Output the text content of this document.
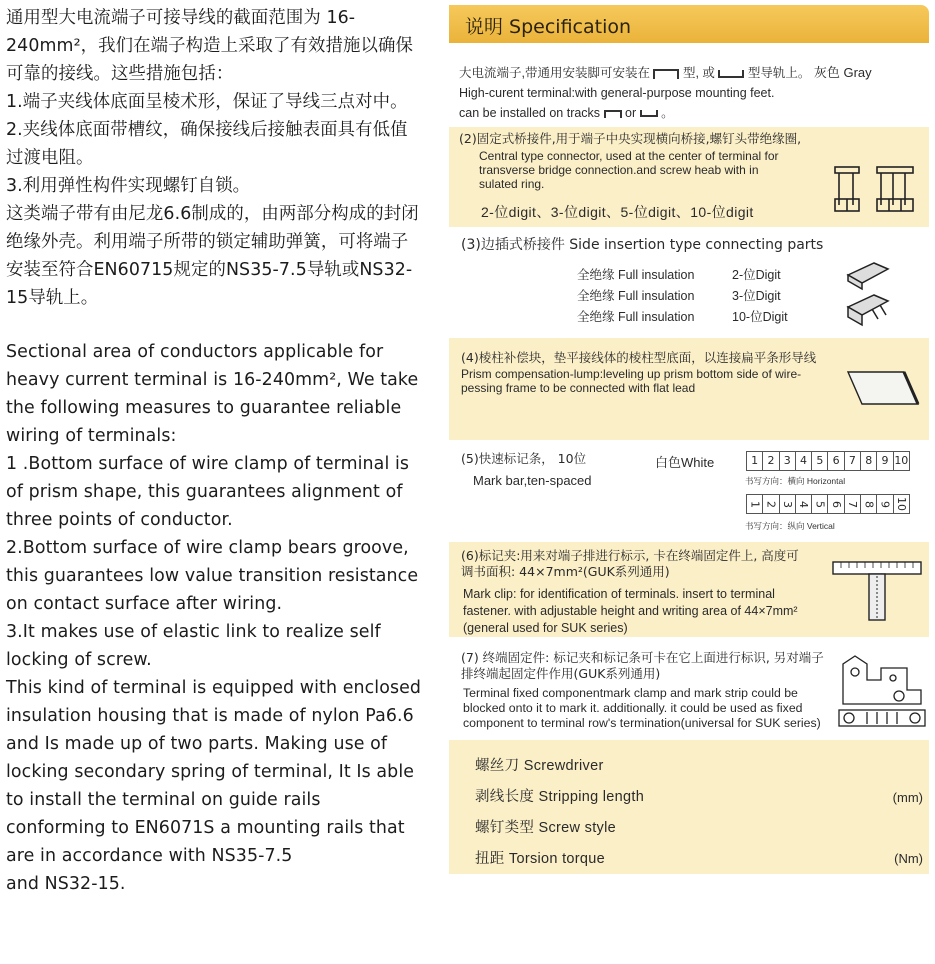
通用型大电流端子可接导线的截面范围为 16-240mm²，我们在端子构造上采取了有效措施以确保可靠的接线。这些措施包括：
1.端子夹线体底面呈棱术形，保证了导线三点对中。
2.夹线体底面带槽纹，确保接线后接触表面具有低值过渡电阻。
3.利用弹性构件实现螺钉自锁。
这类端子带有由尼龙6.6制成的，由两部分构成的封闭绝缘外壳。利用端子所带的锁定辅助弹簧，可将端子安装至符合EN60715规定的NS35-7.5导轨或NS32-15导轨上。
Sectional area of conductors applicable for heavy current terminal is 16-240mm², We take the following measures to guarantee reliable wiring of terminals:
1 .Bottom surface of wire clamp of terminal is of prism shape, this guarantees alignment of three points of conductor.
2.Bottom surface of wire clamp bears groove, this guarantees low value transition resistance on contact surface after wiring.
3.It makes use of elastic link to realize self locking of screw.
This kind of terminal is equipped with enclosed insulation housing that is made of nylon Pa6.6 and Is made up of two parts. Making use of locking secondary spring of terminal, It Is able to install the terminal on guide rails conforming to EN6071S a mounting rails that are in accordance with NS35-7.5
and NS32-15.
说明 Specification
大电流端子,带通用安装脚可安装在	型, 或	型导轨上。 灰色 Gray
High-curent terminal:with general-purpose mounting feet.
can be installed on tracks or 。
(2)固定式桥接件,用于端子中央实现横向桥接,螺钉头带绝缘圈,
Central type connector, used at the center of terminal for transverse bridge connection.and screw heab with in sulated ring.
2-位digit、3-位digit、5-位digit、10-位digit
(3)边插式桥接件 Side insertion type connecting parts
全绝缘 Full insulation	2-位Digit
全绝缘 Full insulation	3-位Digit
全绝缘 Full insulation	10-位Digit
(4)棱柱补偿块，垫平接线体的棱柱型底面，以连接扁平条形导线
Prism compensation-lump:leveling up prism bottom side of wire-pessing frame to be connected with flat lead
(5)快速标记条， 10位
Mark bar,ten-spaced
白色White	1 2 3 4 5 6 7 8 9 10
书写方向：横向 Horizontal
1 2 3 4 5 6 7 8 9 10
书写方向：纵向 Vertical
(6)标记夹:用来对端子排进行标示, 卡在终端固定件上, 高度可调书面积: 44×7mm²(GUK系列通用)
Mark clip: for identification of terminals. insert to terminal fastener. with adjustable height and writing area of 44×7mm² (general used for SUK series)
(7) 终端固定件: 标记夹和标记条可卡在它上面进行标识, 另对端子排终端起固定件作用(GUK系列通用)
Terminal fixed componentmark clamp and mark strip could be blocked onto it to mark it. additionally. it could be used as fixed component to terminal row's termination(universal for SUK series)
螺丝刀 Screwdriver
剥线长度 Stripping length	(mm)
螺钉类型 Screw style
扭距 Torsion torque	(Nm)
